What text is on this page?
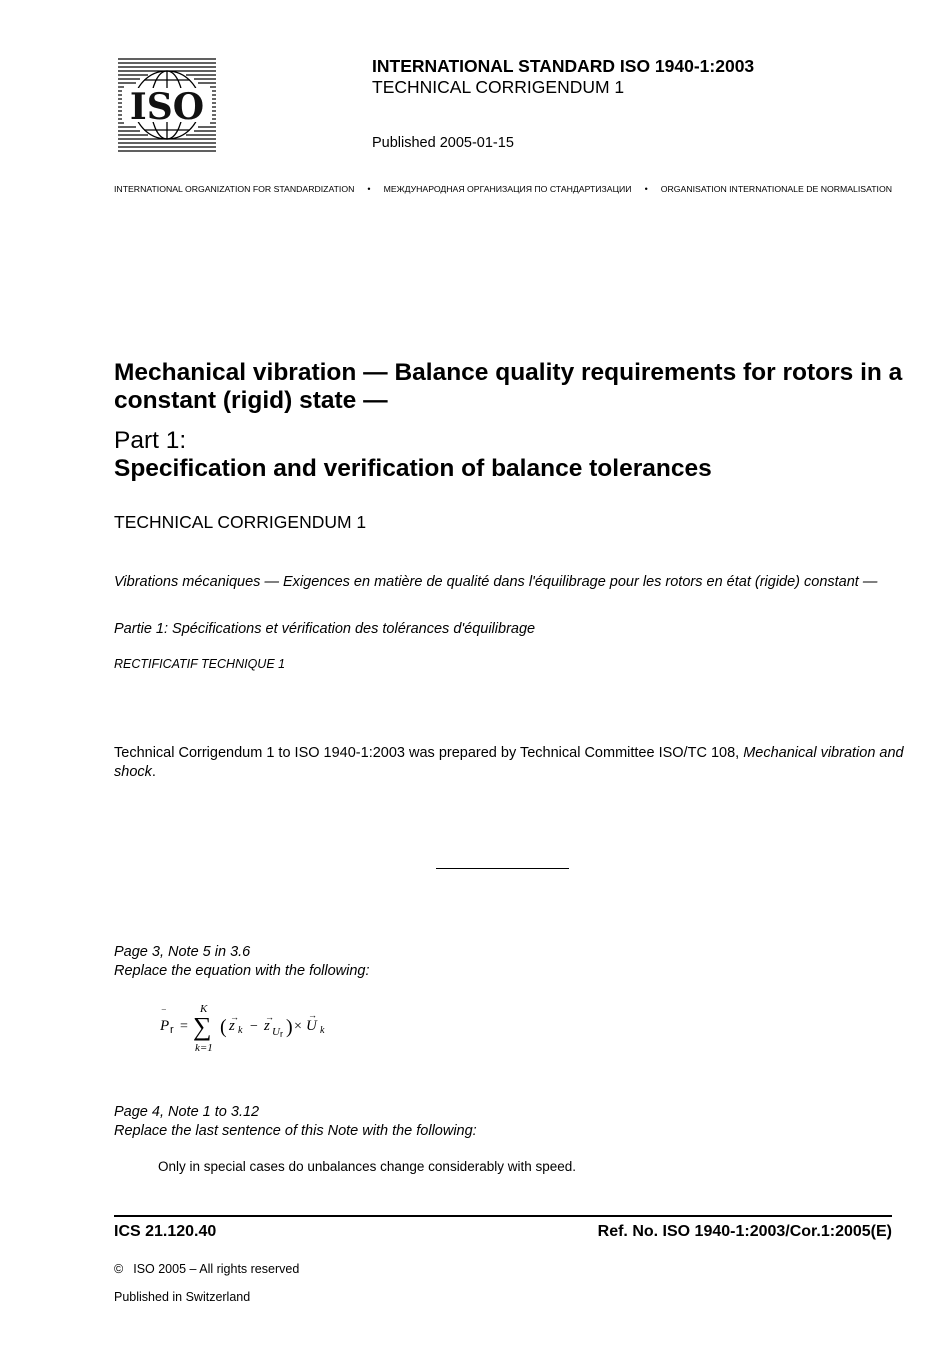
ISO
INTERNATIONAL STANDARD ISO 1940-1:2003
TECHNICAL CORRIGENDUM 1
Published 2005-01-15
INTERNATIONAL ORGANIZATION FOR STANDARDIZATION • МЕЖДУНАРОДНАЯ ОРГАНИЗАЦИЯ ПО СТАНДАРТИЗАЦИИ • ORGANISATION INTERNATIONALE DE NORMALISATION
Mechanical vibration — Balance quality requirements for rotors in a constant (rigid) state —
Part 1:
Specification and verification of balance tolerances
TECHNICAL CORRIGENDUM 1
Vibrations mécaniques — Exigences en matière de qualité dans l'équilibrage pour les rotors en état (rigide) constant —
Partie 1: Spécifications et vérification des tolérances d'équilibrage
RECTIFICATIF TECHNIQUE 1
Technical Corrigendum 1 to ISO 1940-1:2003 was prepared by Technical Committee ISO/TC 108, Mechanical vibration and shock.
Page 3, Note 5 in 3.6
Replace the equation with the following:
P
‾
r = ∑
K
k=1
( z
→
k − z
→
U r ) × U
→
k
Page 4, Note 1 to 3.12
Replace the last sentence of this Note with the following:
Only in special cases do unbalances change considerably with speed.
ICS 21.120.40	Ref. No. ISO 1940-1:2003/Cor.1:2005(E)
© ISO 2005 – All rights reserved
Published in Switzerland
